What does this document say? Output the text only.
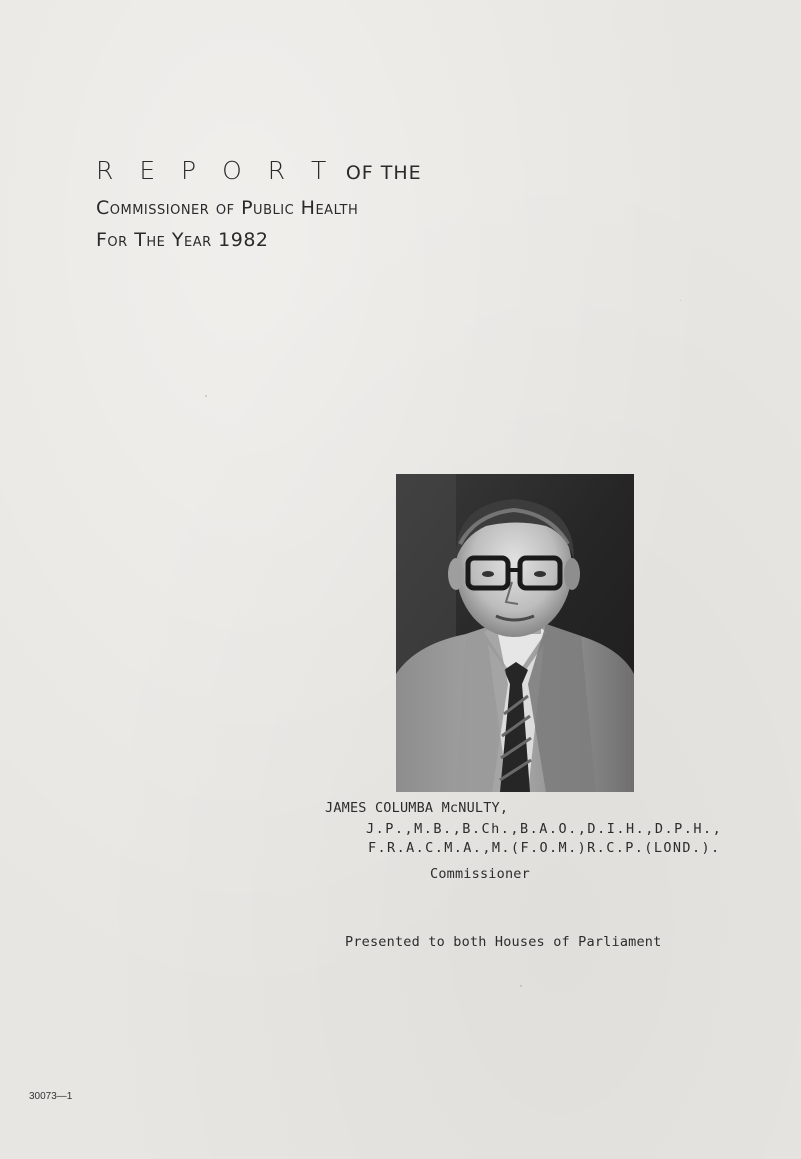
R E P O R T OF THE
Commissioner of Public Health
For The Year 1982
JAMES COLUMBA McNULTY,
J.P.,M.B.,B.Ch.,B.A.O.,D.I.H.,D.P.H.,
F.R.A.C.M.A.,M.(F.O.M.)R.C.P.(LOND.).
Commissioner
Presented to both Houses of Parliament
30073—1
